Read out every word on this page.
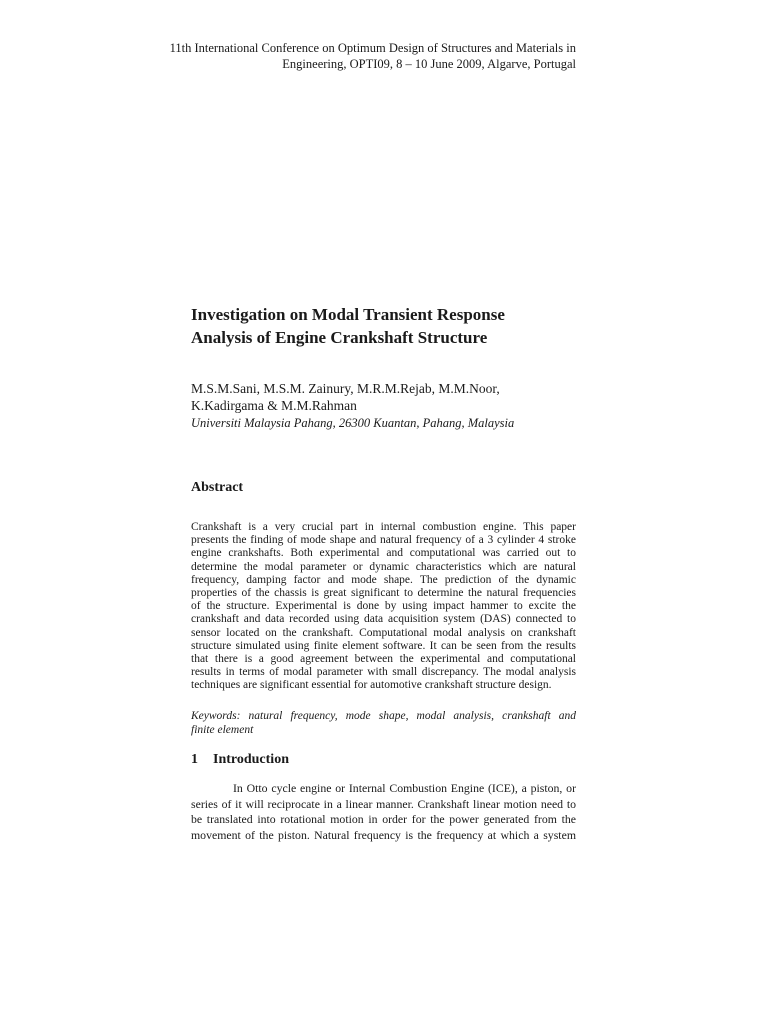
11th International Conference on Optimum Design of Structures and Materials in
Engineering, OPTI09, 8 – 10 June 2009, Algarve, Portugal
Investigation on Modal Transient Response
Analysis of Engine Crankshaft Structure
M.S.M.Sani, M.S.M. Zainury, M.R.M.Rejab, M.M.Noor,
K.Kadirgama & M.M.Rahman
Universiti Malaysia Pahang, 26300 Kuantan, Pahang, Malaysia
Abstract
Crankshaft is a very crucial part in internal combustion engine. This paper
presents the finding of mode shape and natural frequency of a 3 cylinder 4 stroke
engine crankshafts. Both experimental and computational was carried out to
determine the modal parameter or dynamic characteristics which are natural
frequency, damping factor and mode shape. The prediction of the dynamic
properties of the chassis is great significant to determine the natural frequencies
of the structure. Experimental is done by using impact hammer to excite the
crankshaft and data recorded using data acquisition system (DAS) connected to
sensor located on the crankshaft. Computational modal analysis on crankshaft
structure simulated using finite element software. It can be seen from the results
that there is a good agreement between the experimental and computational
results in terms of modal parameter with small discrepancy. The modal analysis
techniques are significant essential for automotive crankshaft structure design.
Keywords: natural frequency, mode shape, modal analysis, crankshaft and
finite element
1 Introduction
In Otto cycle engine or Internal Combustion Engine (ICE), a piston, or
series of it will reciprocate in a linear manner. Crankshaft linear motion need to
be translated into rotational motion in order for the power generated from the
movement of the piston. Natural frequency is the frequency at which a system
